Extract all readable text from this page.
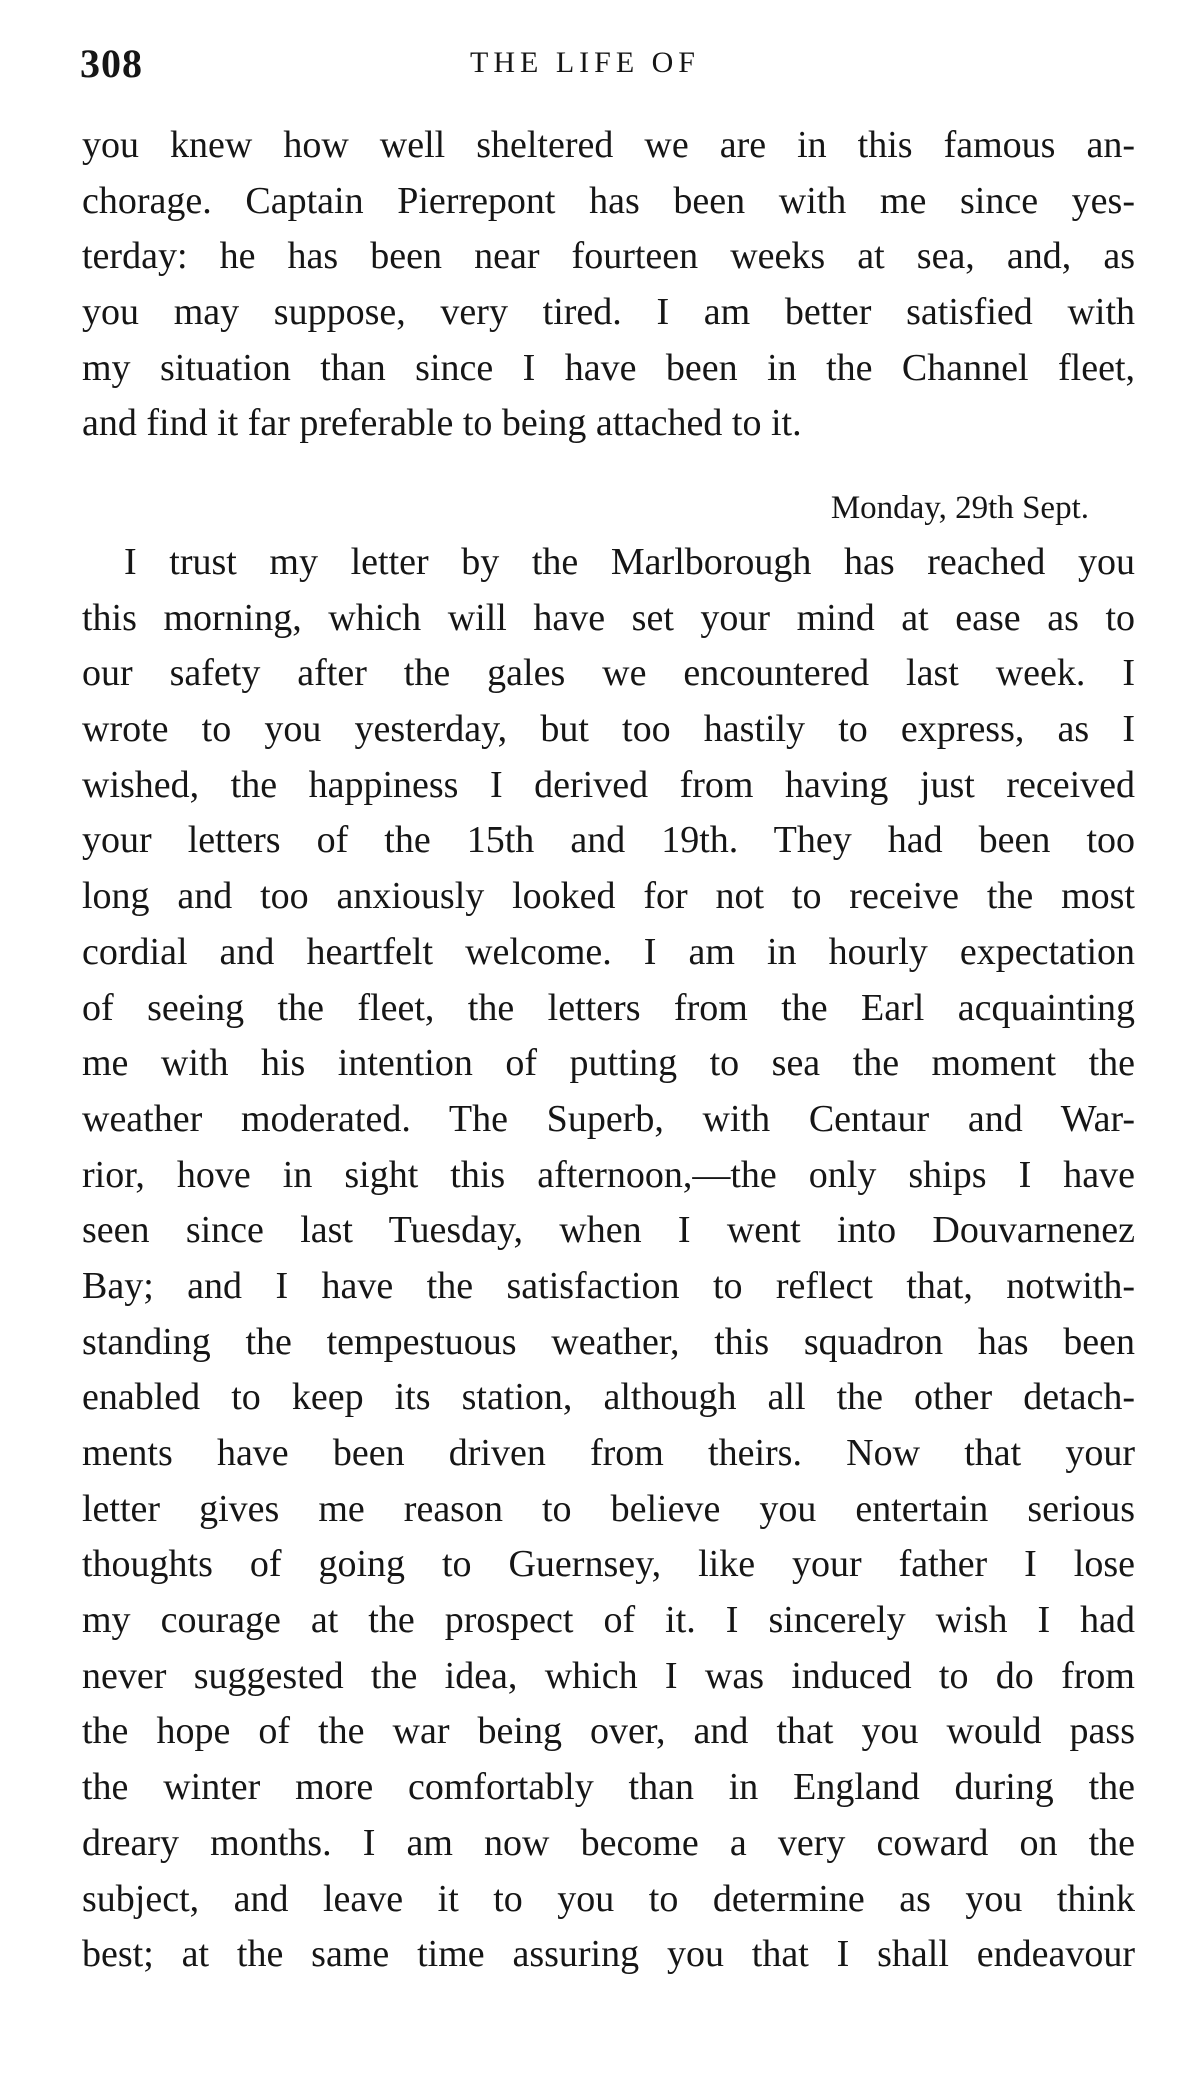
308	THE LIFE OF
you knew how well sheltered we are in this famous an-
chorage. Captain Pierrepont has been with me since yes-
terday: he has been near fourteen weeks at sea, and, as
you may suppose, very tired. I am better satisfied with
my situation than since I have been in the Channel fleet,
and find it far preferable to being attached to it.
Monday, 29th Sept.
I trust my letter by the Marlborough has reached you
this morning, which will have set your mind at ease as to
our safety after the gales we encountered last week. I
wrote to you yesterday, but too hastily to express, as I
wished, the happiness I derived from having just received
your letters of the 15th and 19th. They had been too
long and too anxiously looked for not to receive the most
cordial and heartfelt welcome. I am in hourly expectation
of seeing the fleet, the letters from the Earl acquainting
me with his intention of putting to sea the moment the
weather moderated. The Superb, with Centaur and War-
rior, hove in sight this afternoon,—the only ships I have
seen since last Tuesday, when I went into Douvarnenez
Bay; and I have the satisfaction to reflect that, notwith-
standing the tempestuous weather, this squadron has been
enabled to keep its station, although all the other detach-
ments have been driven from theirs. Now that your
letter gives me reason to believe you entertain serious
thoughts of going to Guernsey, like your father I lose
my courage at the prospect of it. I sincerely wish I had
never suggested the idea, which I was induced to do from
the hope of the war being over, and that you would pass
the winter more comfortably than in England during the
dreary months. I am now become a very coward on the
subject, and leave it to you to determine as you think
best; at the same time assuring you that I shall endeavour
